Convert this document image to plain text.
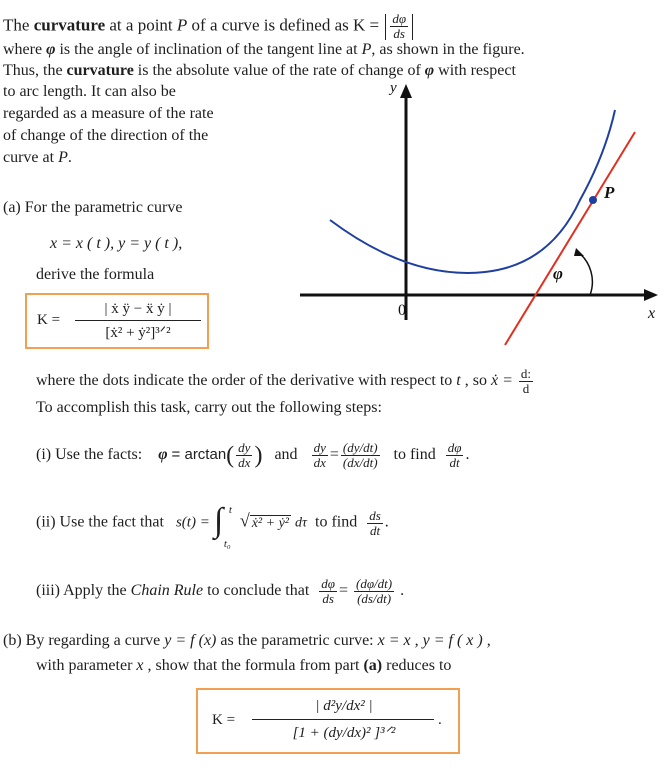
The curvature at a point P of a curve is defined as $K = \frac{d\varphi}{ds}$
where φ is the angle of inclination of the tangent line at P, as shown in the figure.
Thus, the curvature is the absolute value of the rate of change of φ with respect
to arc length. It can also be
regarded as a measure of the rate
of change of the direction of the
curve at P.
y
x
0
φ
P
(a) For the parametric curve
x = x ( t ), y = y ( t ),
derive the formula
K =
| ẋ ÿ − ẍ ẏ |
[ẋ² + ẏ²]³ᐟ²
where the dots indicate the order of the derivative with respect to t , so ẋ = $\frac{d:}{d}$
To accomplish this task, carry out the following steps:
(i) Use the facts: $\varphi = \arctan( \frac{dy}{dx}$ ) and $\frac{dy}{dx} = \frac{(dy/dt)}{(dx/dt)}$ to find $\frac{d\varphi}{dt}$ .
(ii) Use the fact that s(t) = ∫ t
t₀
√ ẋ² + ẏ² dτ to find $\frac{ds}{dt}$ .
(iii) Apply the Chain Rule to conclude that $\frac{d\varphi}{ds} = \frac{(d\varphi/dt)}{(ds/dt)}$ .
(b) By regarding a curve y = f (x) as the parametric curve: x = x , y = f ( x ) ,
with parameter x , show that the formula from part (a) reduces to
K =
| d²y/dx² |
[1 + (dy/dx)² ]³ᐟ²
.
